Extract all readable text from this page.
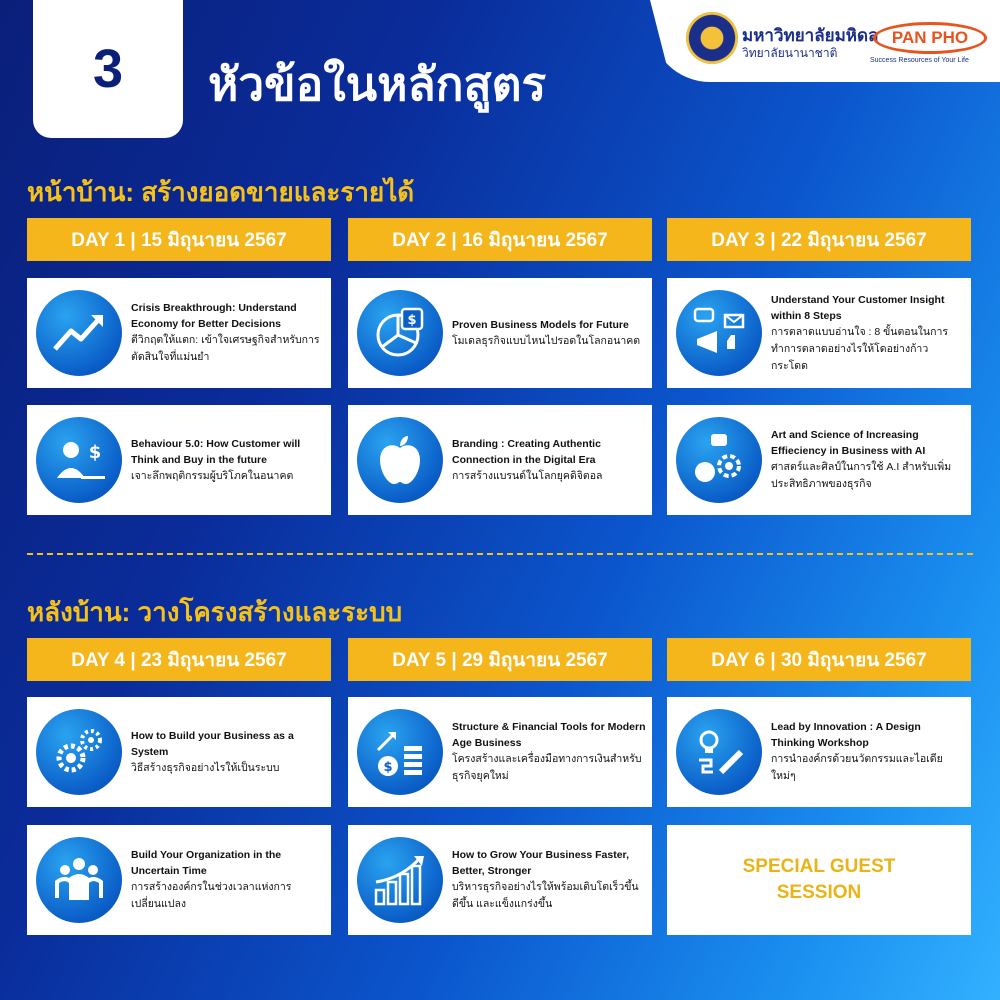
3 หัวข้อในหลักสูตร
มหาวิทยาลัยมหิดล
วิทยาลัยนานาชาติ
PAN PHO
Success Resources of Your Life
หน้าบ้าน: สร้างยอดขายและรายได้
DAY 1 | 15 มิถุนายน 2567	DAY 2 | 16 มิถุนายน 2567	DAY 3 | 22 มิถุนายน 2567
Crisis Breakthrough: Understand Economy for Better Decisions
ตีวิกฤตให้แตก: เข้าใจเศรษฐกิจสำหรับการตัดสินใจที่แม่นยำ
$	Proven Business Models for Future
โมเดลธุรกิจแบบไหนไปรอดในโลกอนาคต
Understand Your Customer Insight within 8 Steps
การตลาดแบบอ่านใจ : 8 ขั้นตอนในการทำการตลาดอย่างไรให้โดอย่างก้าวกระโดด
$	Behaviour 5.0: How Customer will Think and Buy in the future
เจาะลึกพฤติกรรมผู้บริโภคในอนาคต
Branding : Creating Authentic Connection in the Digital Era
การสร้างแบรนด์ในโลกยุคดิจิตอล
Art and Science of Increasing Effieciency in Business with AI
ศาสตร์และศิลป์ในการใช้ A.I สำหรับเพิ่มประสิทธิภาพของธุรกิจ
หลังบ้าน: วางโครงสร้างและระบบ
DAY 4 | 23 มิถุนายน 2567	DAY 5 | 29 มิถุนายน 2567	DAY 6 | 30 มิถุนายน 2567
How to Build your Business as a System
วิธีสร้างธุรกิจอย่างไรให้เป็นระบบ	$
Structure & Financial Tools for Modern Age Business
โครงสร้างและเครื่องมือทางการเงินสำหรับธุรกิจยุคใหม่
Lead by Innovation : A Design Thinking Workshop
การนำองค์กรด้วยนวัตกรรมและไอเดียใหม่ๆ
Build Your Organization in the Uncertain Time
การสร้างองค์กรในช่วงเวลาแห่งการเปลี่ยนแปลง
How to Grow Your Business Faster, Better, Stronger
บริหารธุรกิจอย่างไรให้พร้อมเติบโตเร็วขึ้น ดีขึ้น และแข็งแกร่งขึ้น
SPECIAL GUEST
SESSION
